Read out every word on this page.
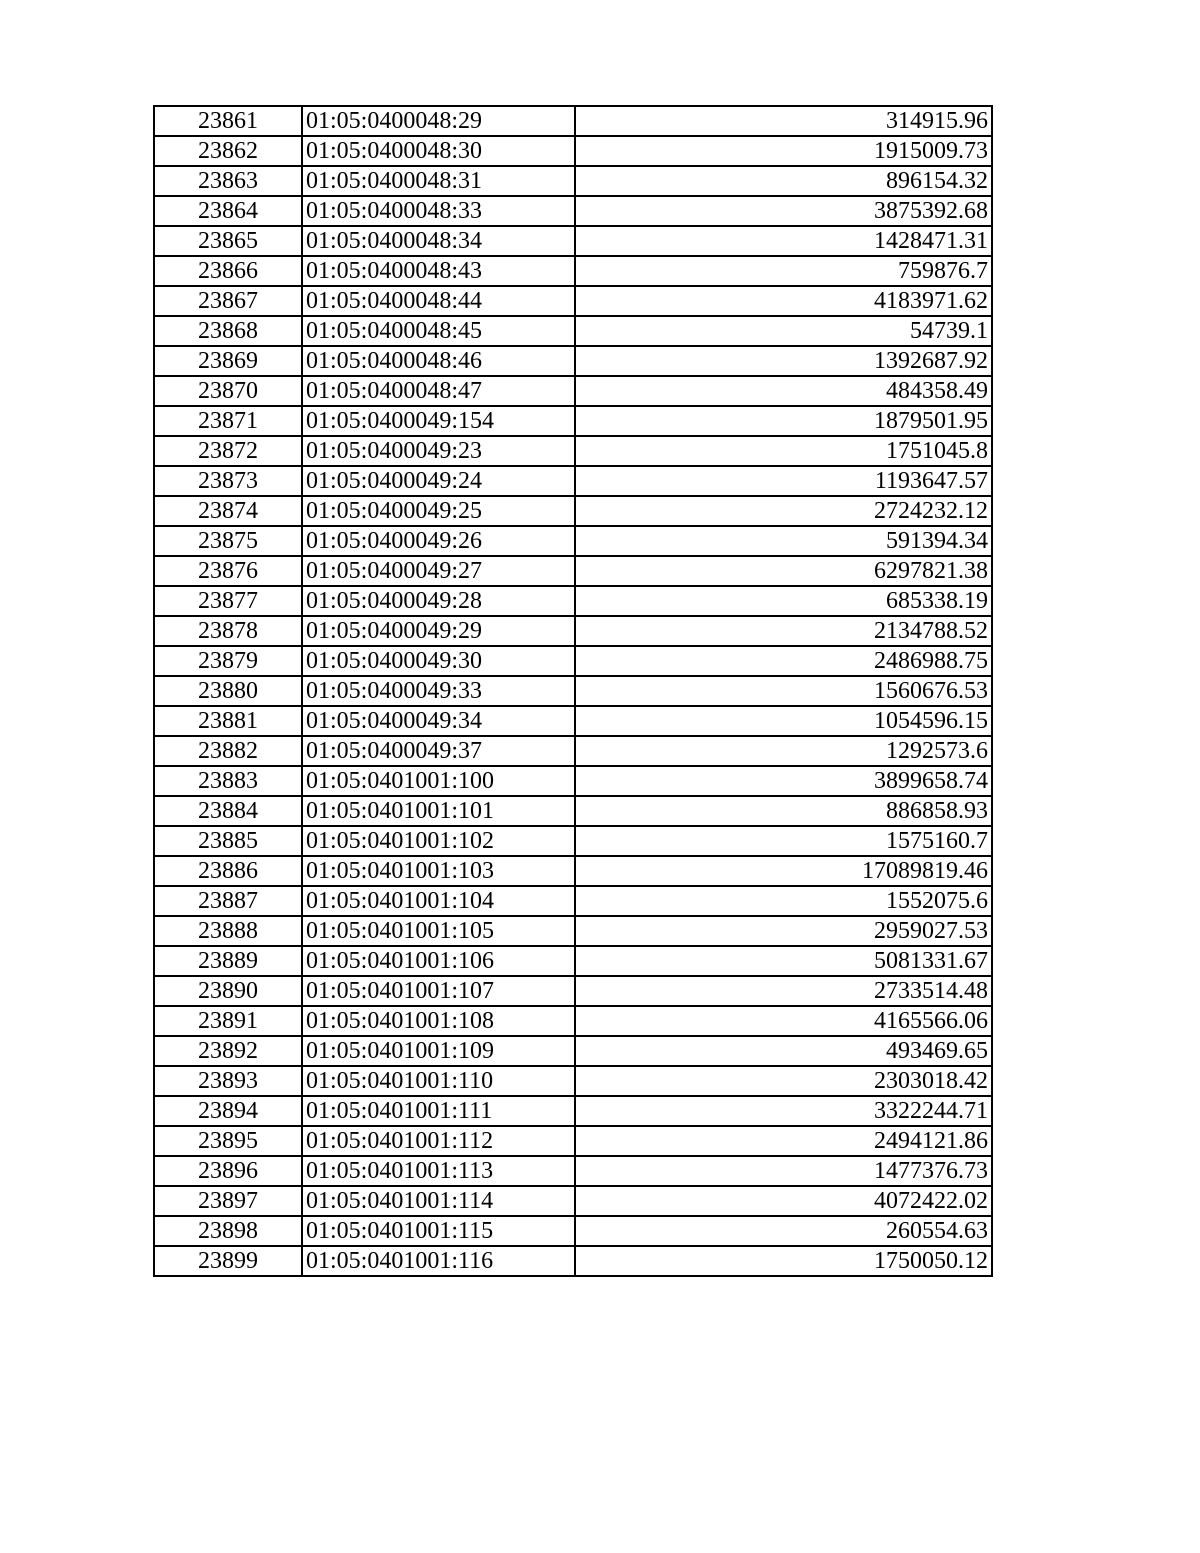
23861	01:05:0400048:29	314915.96
23862	01:05:0400048:30	1915009.73
23863	01:05:0400048:31	896154.32
23864	01:05:0400048:33	3875392.68
23865	01:05:0400048:34	1428471.31
23866	01:05:0400048:43	759876.7
23867	01:05:0400048:44	4183971.62
23868	01:05:0400048:45	54739.1
23869	01:05:0400048:46	1392687.92
23870	01:05:0400048:47	484358.49
23871	01:05:0400049:154	1879501.95
23872	01:05:0400049:23	1751045.8
23873	01:05:0400049:24	1193647.57
23874	01:05:0400049:25	2724232.12
23875	01:05:0400049:26	591394.34
23876	01:05:0400049:27	6297821.38
23877	01:05:0400049:28	685338.19
23878	01:05:0400049:29	2134788.52
23879	01:05:0400049:30	2486988.75
23880	01:05:0400049:33	1560676.53
23881	01:05:0400049:34	1054596.15
23882	01:05:0400049:37	1292573.6
23883	01:05:0401001:100	3899658.74
23884	01:05:0401001:101	886858.93
23885	01:05:0401001:102	1575160.7
23886	01:05:0401001:103	17089819.46
23887	01:05:0401001:104	1552075.6
23888	01:05:0401001:105	2959027.53
23889	01:05:0401001:106	5081331.67
23890	01:05:0401001:107	2733514.48
23891	01:05:0401001:108	4165566.06
23892	01:05:0401001:109	493469.65
23893	01:05:0401001:110	2303018.42
23894	01:05:0401001:111	3322244.71
23895	01:05:0401001:112	2494121.86
23896	01:05:0401001:113	1477376.73
23897	01:05:0401001:114	4072422.02
23898	01:05:0401001:115	260554.63
23899	01:05:0401001:116	1750050.12
